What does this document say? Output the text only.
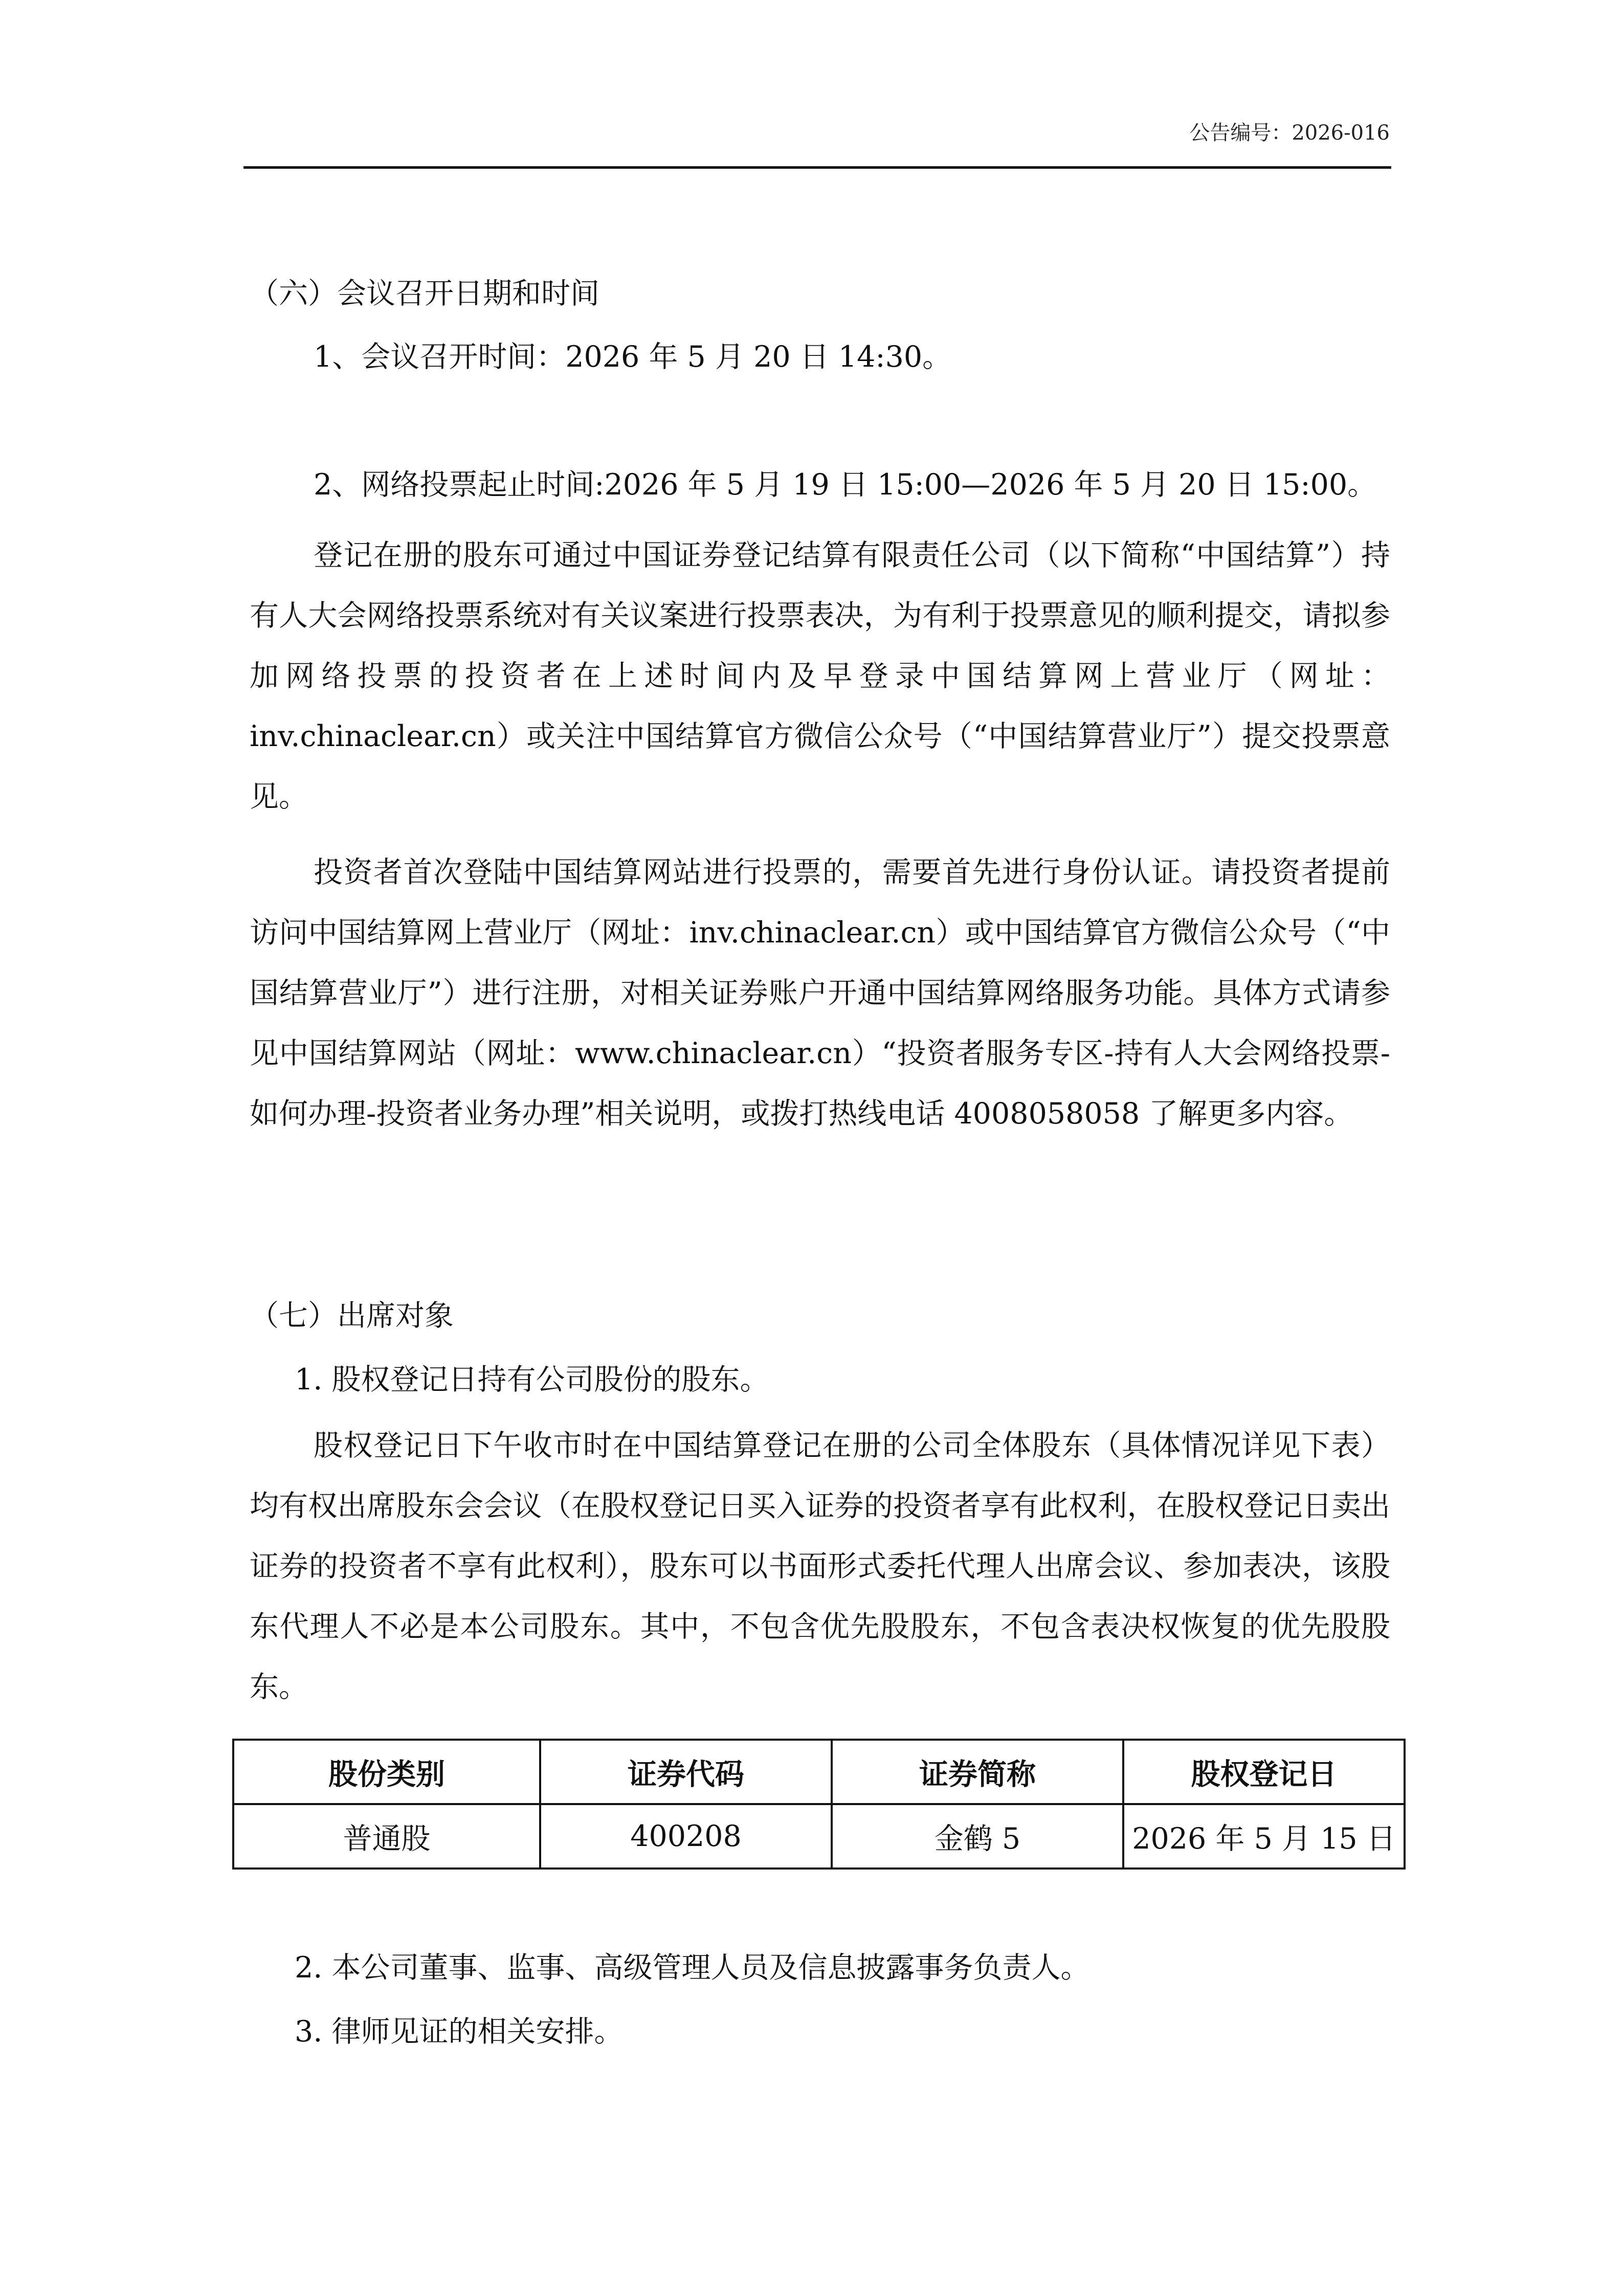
公告编号：2026-016
（六）会议召开日期和时间
1、会议召开时间：2026 年 5 月 20 日 14:30。
2、网络投票起止时间:2026 年 5 月 19 日 15:00—2026 年 5 月 20 日 15:00。
登记在册的股东可通过中国证券登记结算有限责任公司（以下简称“中国结算”）持有人大会网络投票系统对有关议案进行投票表决，为有利于投票意见的顺利提交，请拟参加网络投票的投资者在上述时间内及早登录中国结算网上营业厅（网址：inv.chinaclear.cn）或关注中国结算官方微信公众号（“中国结算营业厅”）提交投票意见。
投资者首次登陆中国结算网站进行投票的，需要首先进行身份认证。请投资者提前访问中国结算网上营业厅（网址：inv.chinaclear.cn）或中国结算官方微信公众号（“中国结算营业厅”）进行注册，对相关证券账户开通中国结算网络服务功能。具体方式请参见中国结算网站（网址：www.chinaclear.cn）“投资者服务专区-持有人大会网络投票-如何办理-投资者业务办理”相关说明，或拨打热线电话 4008058058 了解更多内容。
（七）出席对象
1. 股权登记日持有公司股份的股东。
股权登记日下午收市时在中国结算登记在册的公司全体股东（具体情况详见下表）均有权出席股东会会议（在股权登记日买入证券的投资者享有此权利，在股权登记日卖出证券的投资者不享有此权利），股东可以书面形式委托代理人出席会议、参加表决，该股东代理人不必是本公司股东。其中，不包含优先股股东，不包含表决权恢复的优先股股东。
股份类别	证券代码	证券简称	股权登记日
普通股	400208	金鹤 5	2026 年 5 月 15 日
2. 本公司董事、监事、高级管理人员及信息披露事务负责人。
3. 律师见证的相关安排。
